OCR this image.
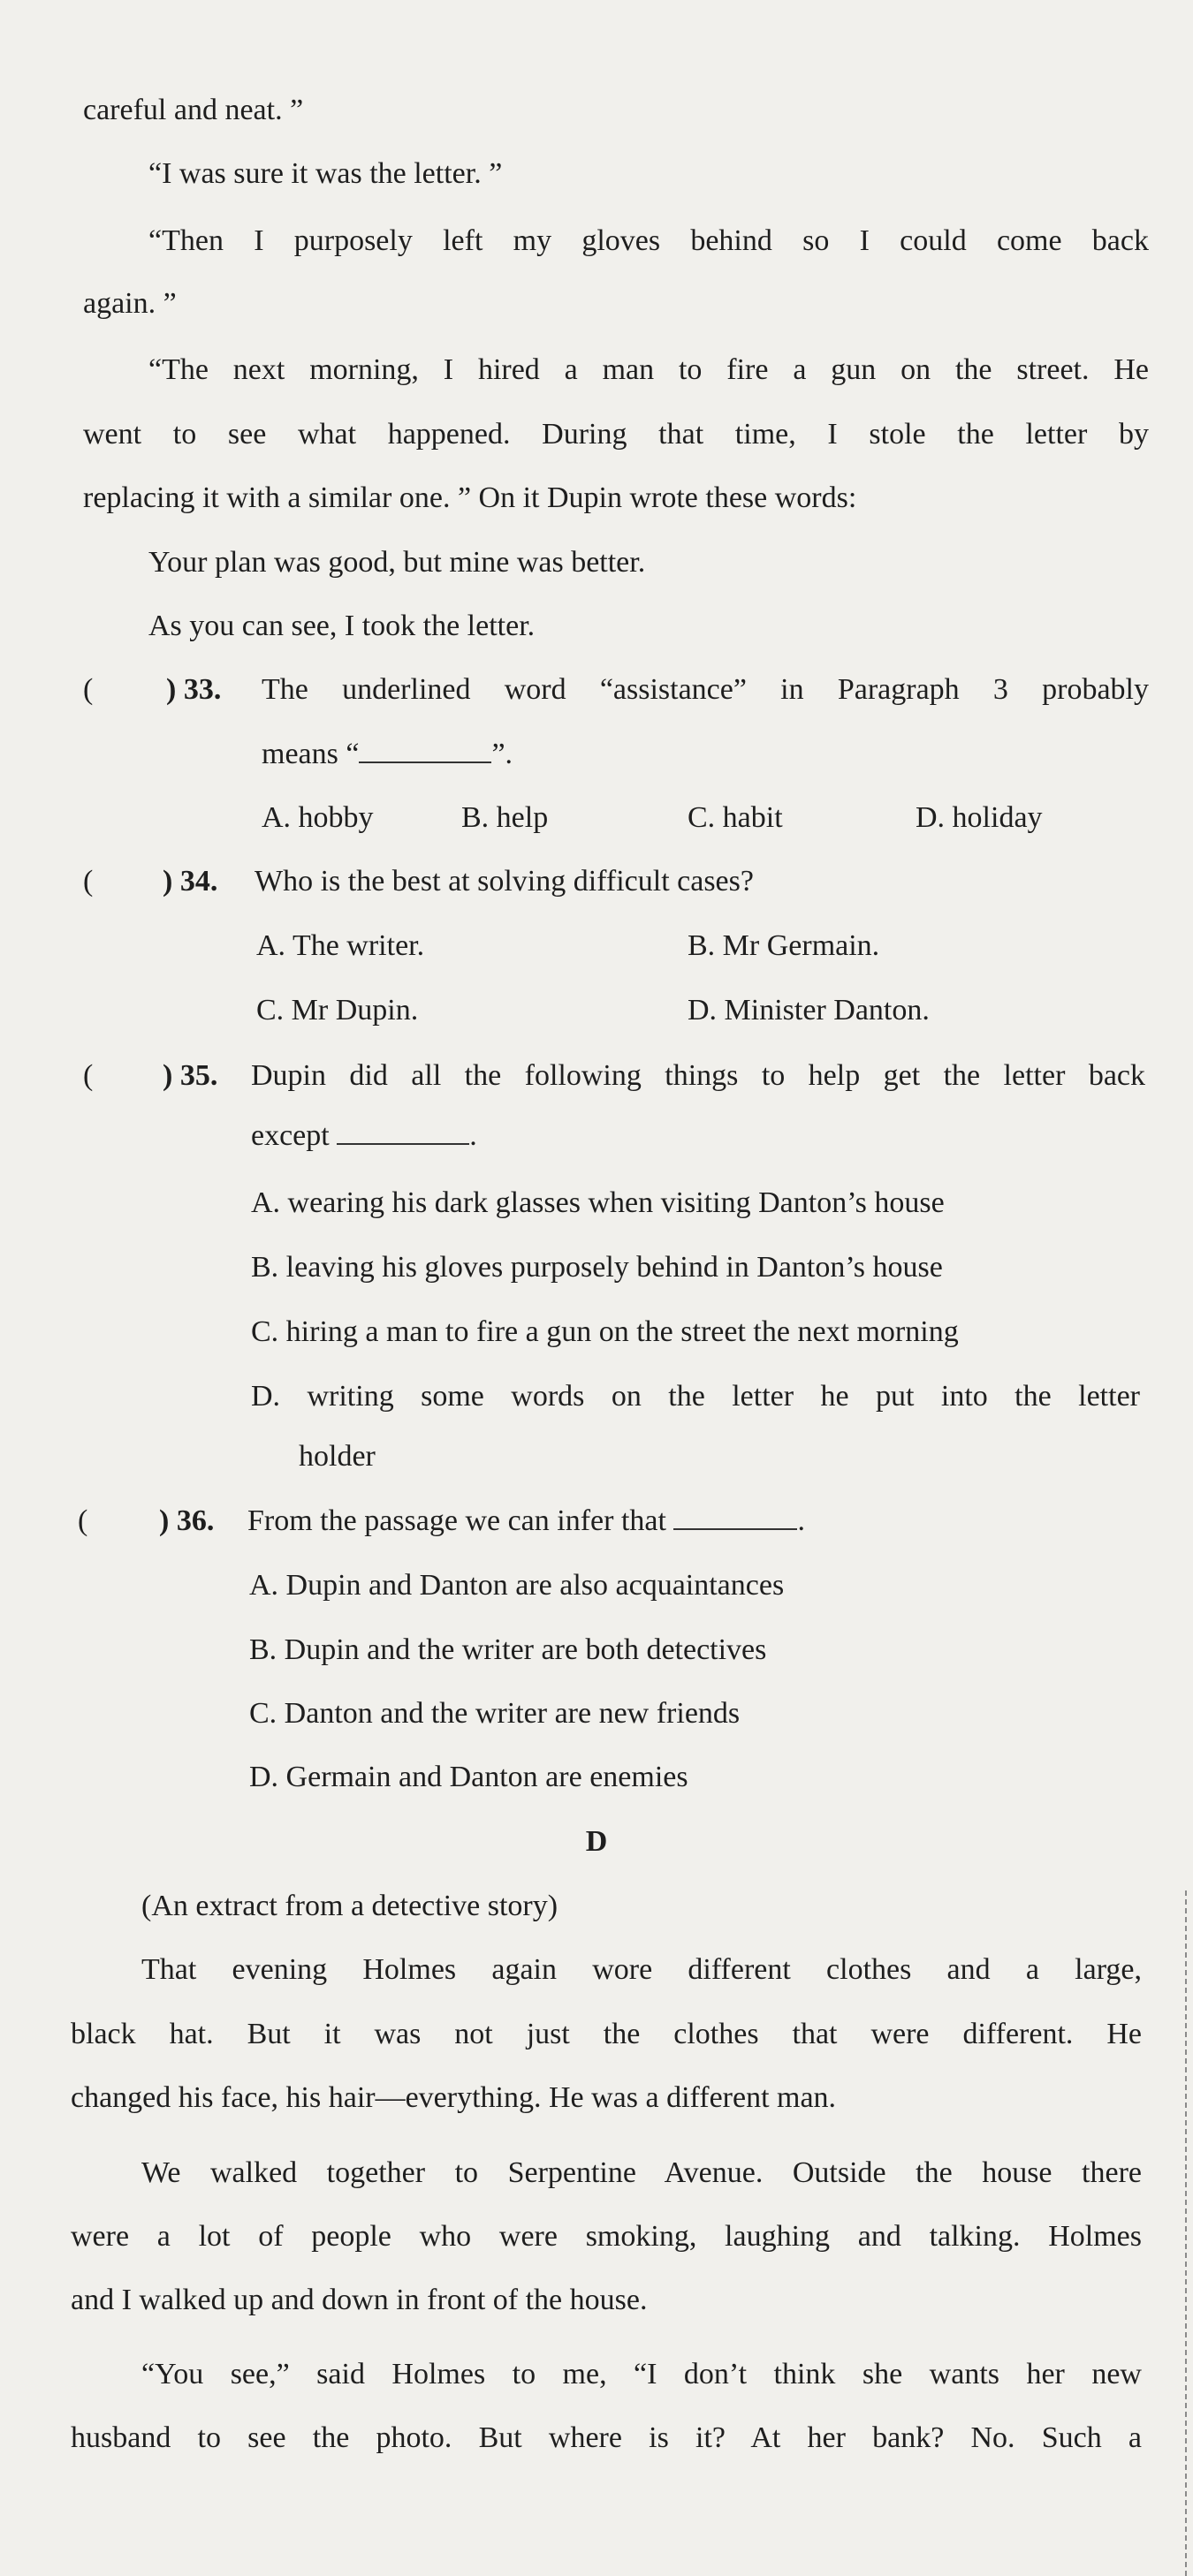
careful and neat. ”
“I was sure it was the letter. ”
“Then I purposely left my gloves behind so I could come back
again. ”
“The next morning, I hired a man to fire a gun on the street. He
went to see what happened. During that time, I stole the letter by
replacing it with a similar one. ” On it Dupin wrote these words:
Your plan was good, but mine was better.
As you can see, I took the letter.
( ) 33. The underlined word “assistance” in Paragraph 3 probably
means “	”.
A. hobby	B. help	C. habit	D. holiday
( ) 34. Who is the best at solving difficult cases?
A. The writer.	B. Mr Germain.
C. Mr Dupin.	D. Minister Danton.
( ) 35. Dupin did all the following things to help get the letter back
except	.
A. wearing his dark glasses when visiting Danton’s house
B. leaving his gloves purposely behind in Danton’s house
C. hiring a man to fire a gun on the street the next morning
D. writing some words on the letter he put into the letter
holder
( ) 36. From the passage we can infer that	.
A. Dupin and Danton are also acquaintances
B. Dupin and the writer are both detectives
C. Danton and the writer are new friends
D. Germain and Danton are enemies
D
(An extract from a detective story)
That evening Holmes again wore different clothes and a large,
black hat. But it was not just the clothes that were different. He
changed his face, his hair—everything. He was a different man.
We walked together to Serpentine Avenue. Outside the house there
were a lot of people who were smoking, laughing and talking. Holmes
and I walked up and down in front of the house.
“You see,” said Holmes to me, “I don’t think she wants her new
husband to see the photo. But where is it? At her bank? No. Such a
